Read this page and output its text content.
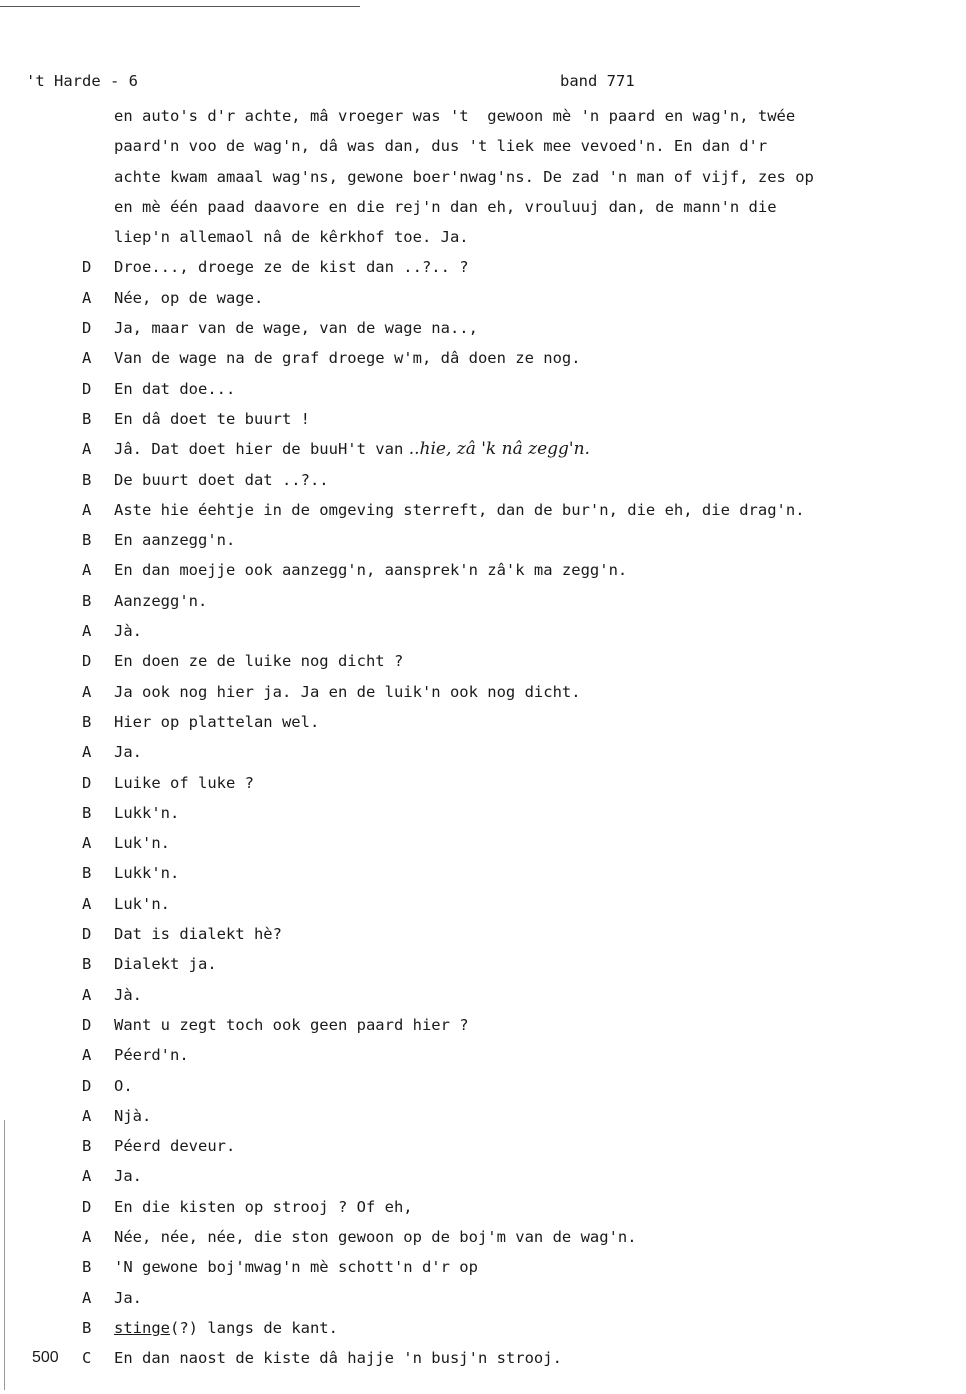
't Harde - 6	band 771
en auto's d'r achte, mâ vroeger was 't  gewoon mè 'n paard en wag'n, twée
paard'n voo de wag'n, dâ was dan, dus 't liek mee vevoed'n. En dan d'r
achte kwam amaal wag'ns, gewone boer'nwag'ns. De zad 'n man of vijf, zes op
en mè één paad daavore en die rej'n dan eh, vrouluuj dan, de mann'n die
liep'n allemaol nâ de kêrkhof toe. Ja.
D Droe..., droege ze de kist dan ..?.. ?
A Née, op de wage.
D Ja, maar van de wage, van de wage na..,
A Van de wage na de graf droege w'm, dâ doen ze nog.
D En dat doe...
B En dâ doet te buurt !
A Jâ. Dat doet hier de buuH't van ..hie, zâ 'k nâ zegg'n.
B De buurt doet dat ..?..
A Aste hie éehtje in de omgeving sterreft, dan de bur'n, die eh, die drag'n.
B En aanzegg'n.
A En dan moejje ook aanzegg'n, aansprek'n zâ'k ma zegg'n.
B Aanzegg'n.
A Jà.
D En doen ze de luike nog dicht ?
A Ja ook nog hier ja. Ja en de luik'n ook nog dicht.
B Hier op plattelan wel.
A Ja.
D Luike of luke ?
B Lukk'n.
A Luk'n.
B Lukk'n.
A Luk'n.
D Dat is dialekt hè?
B Dialekt ja.
A Jà.
D Want u zegt toch ook geen paard hier ?
A Péerd'n.
D O.
A Njà.
B Péerd deveur.
A Ja.
D En die kisten op strooj ? Of eh,
A Née, née, née, die ston gewoon op de boj'm van de wag'n.
B 'N gewone boj'mwag'n mè schott'n d'r op
A Ja.
B stinge(?) langs de kant.
500 C En dan naost de kiste dâ hajje 'n busj'n strooj.
